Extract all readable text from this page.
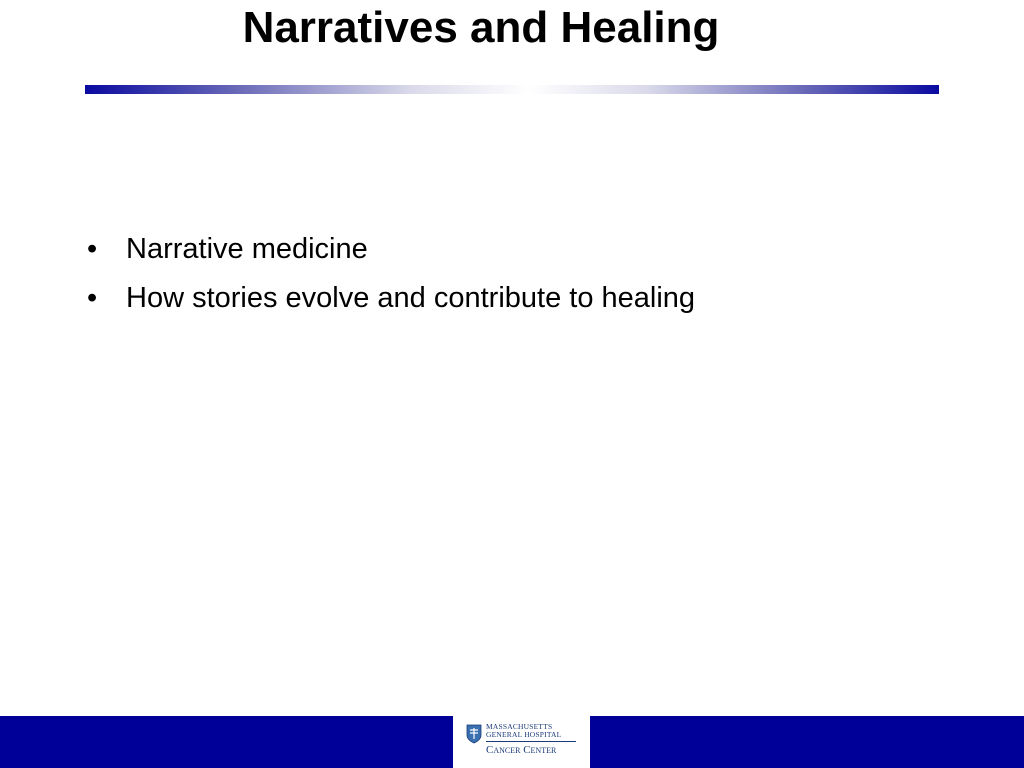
Narratives and Healing
• Narrative medicine
• How stories evolve and contribute to healing
MASSACHUSETTS
GENERAL HOSPITAL
Cancer Center
